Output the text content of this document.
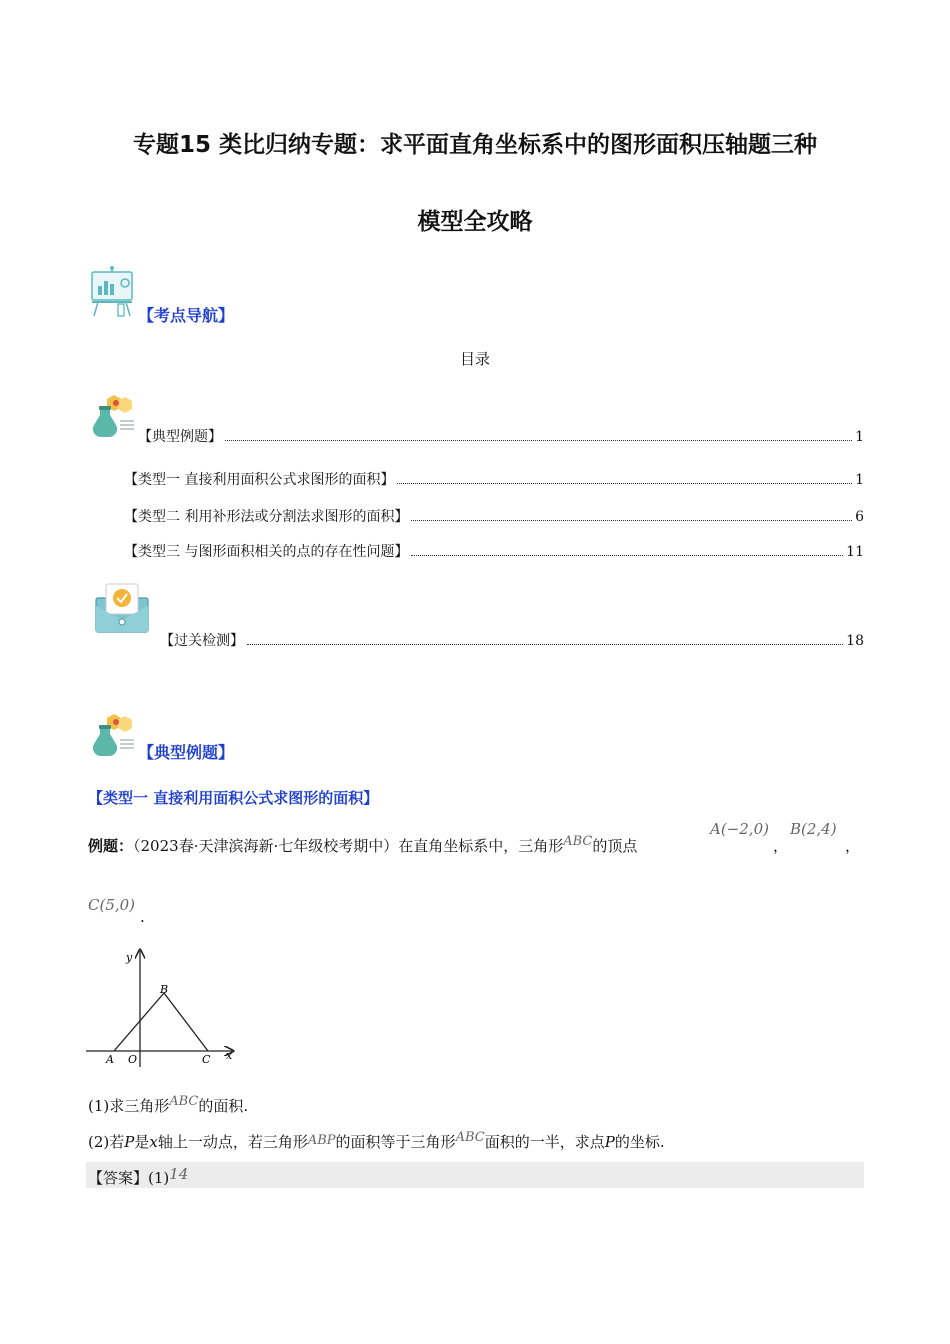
专题15 类比归纳专题：求平面直角坐标系中的图形面积压轴题三种
模型全攻略
【考点导航】
目录
【典型例题】	1
【类型一 直接利用面积公式求图形的面积】	1
【类型二 利用补形法或分割法求图形的面积】	6
【类型三 与图形面积相关的点的存在性问题】	11
【过关检测】	18
【典型例题】
【类型一 直接利用面积公式求图形的面积】
例题：（2023春·天津滨海新·七年级校考期中）在直角坐标系中，三角形ABC的顶点
A(−2,0)
，
B(2,4)
，
C(5,0)
.
y
x
B
A O	C
(1)求三角形ABC的面积.
(2)若P是x轴上一动点，若三角形ABP的面积等于三角形ABC面积的一半，求点P的坐标.
【答案】(1)14
